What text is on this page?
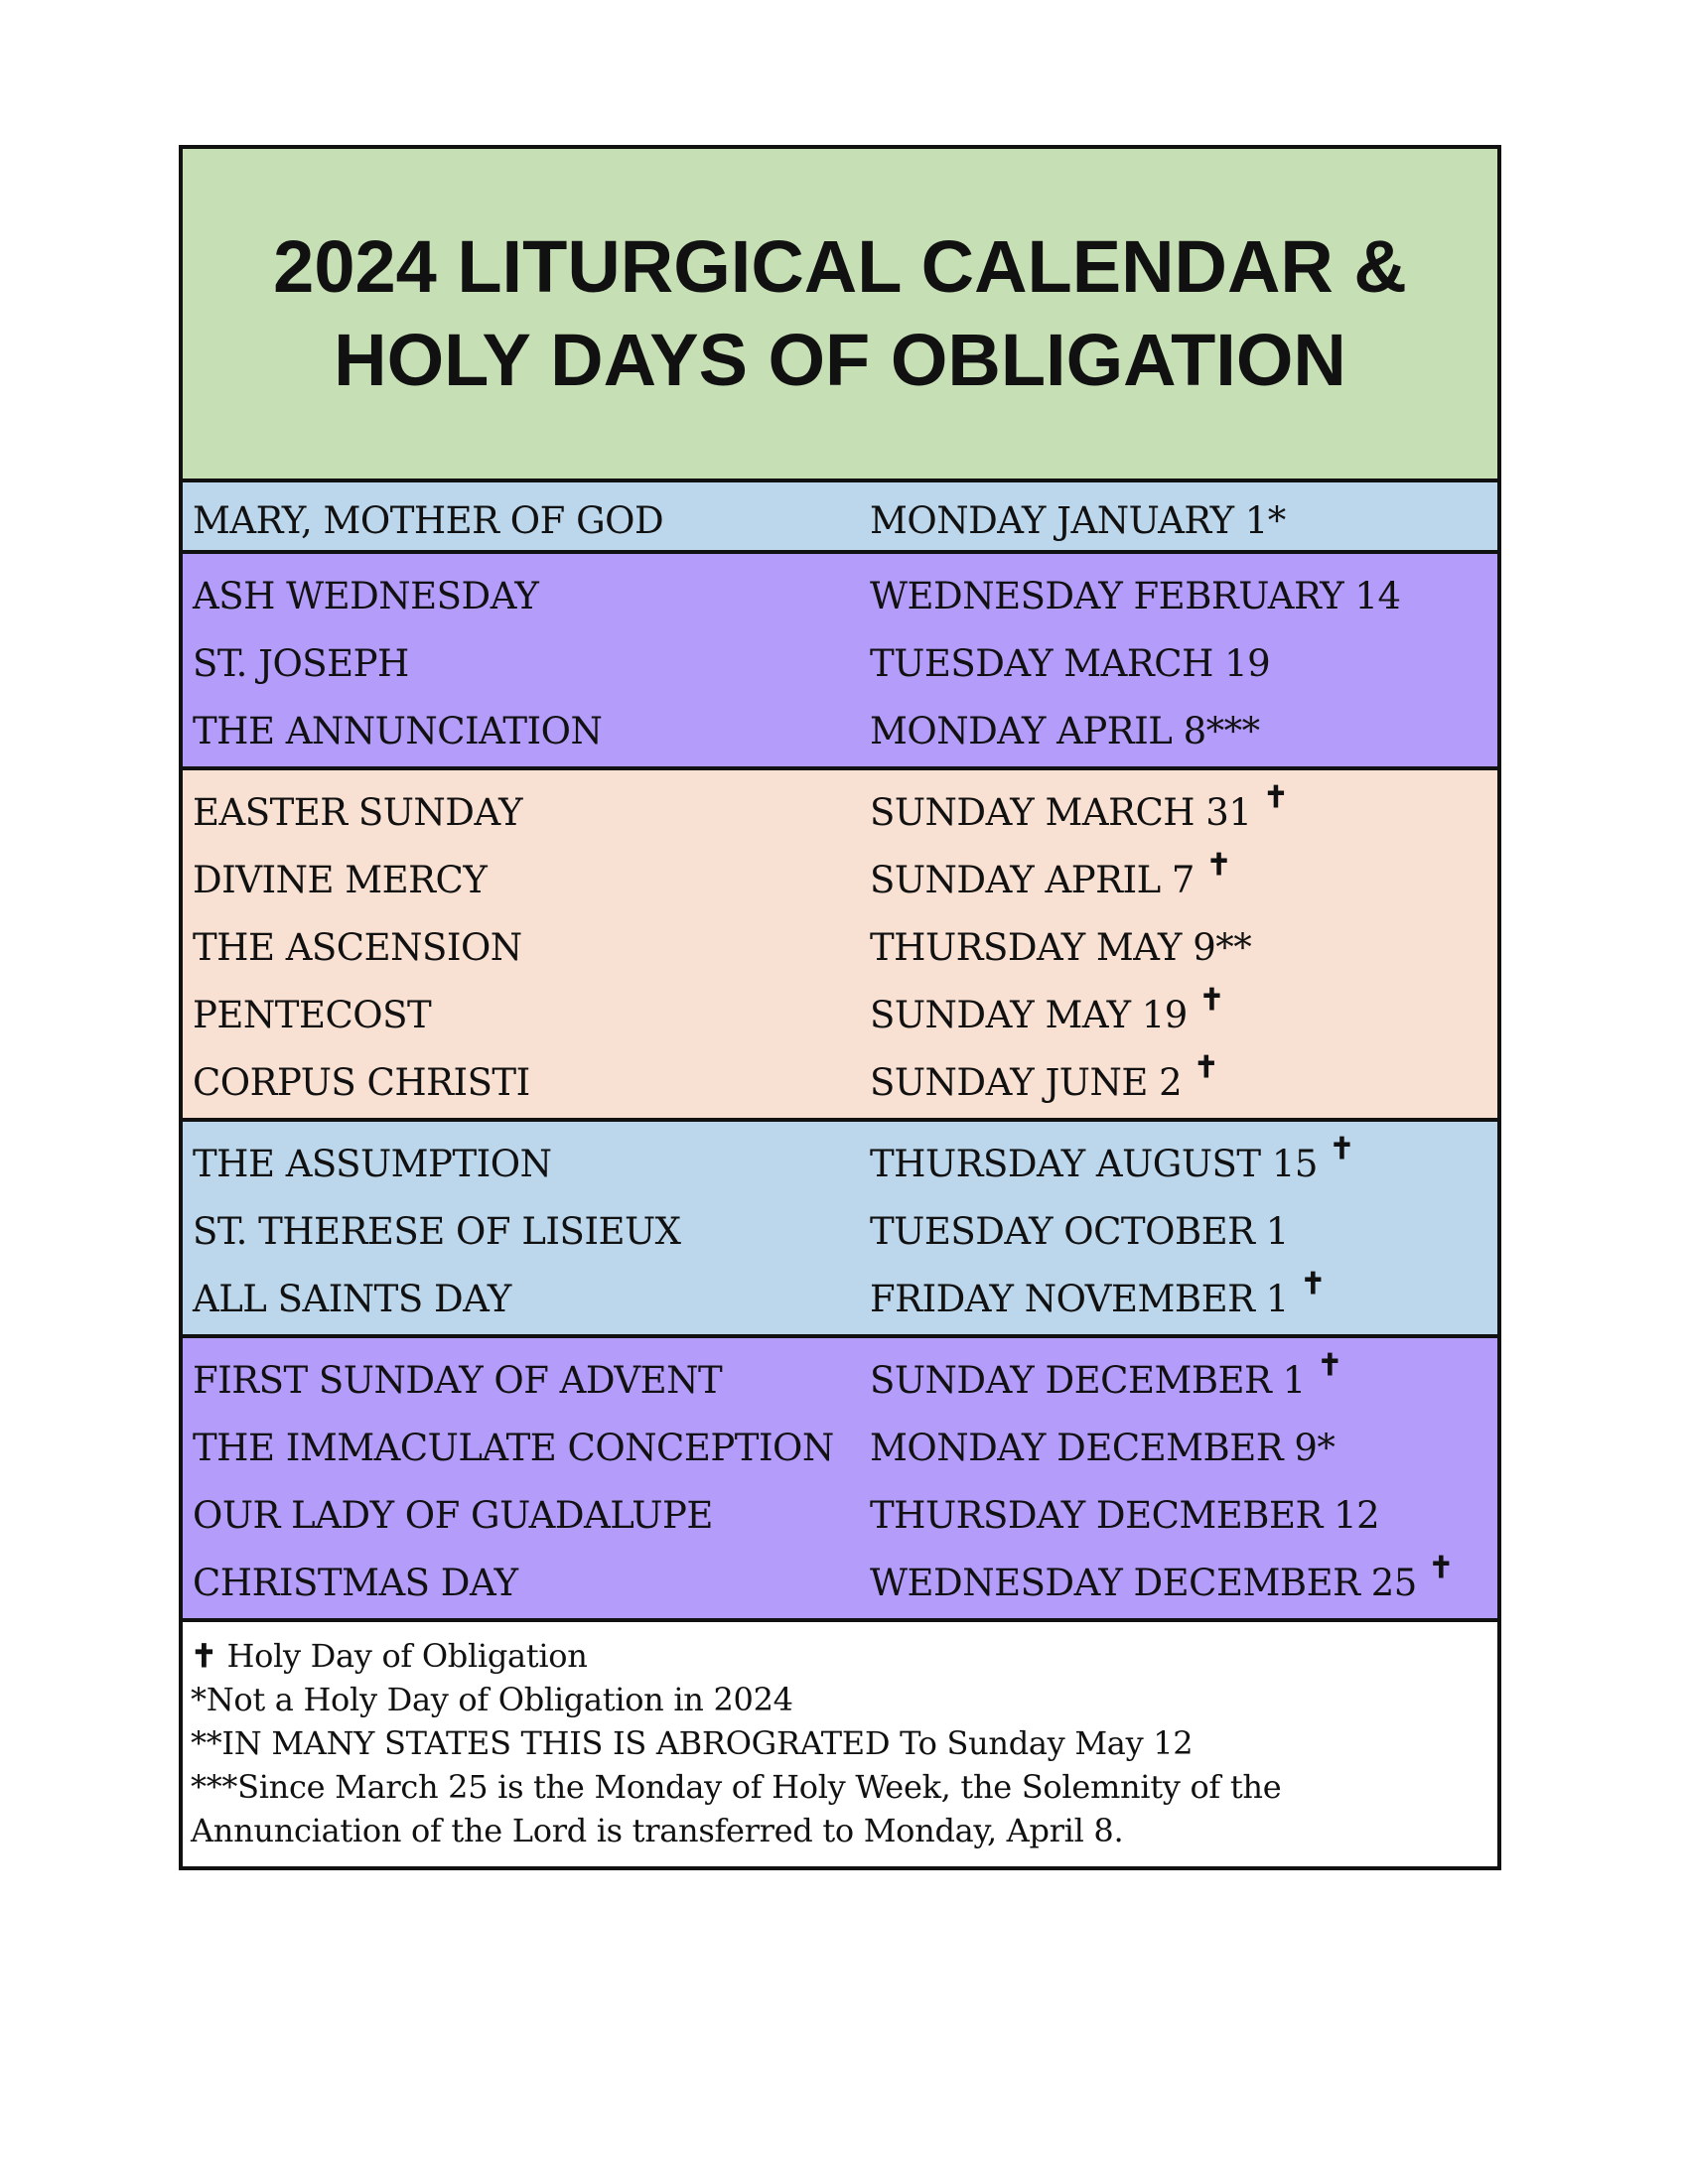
2024 LITURGICAL CALENDAR &
HOLY DAYS OF OBLIGATION
MARY, MOTHER OF GOD	MONDAY JANUARY 1*
ASH WEDNESDAY	WEDNESDAY FEBRUARY 14
ST. JOSEPH	TUESDAY MARCH 19
THE ANNUNCIATION	MONDAY APRIL 8***
EASTER SUNDAY	SUNDAY MARCH 31 ✝
DIVINE MERCY	SUNDAY APRIL 7 ✝
THE ASCENSION	THURSDAY MAY 9**
PENTECOST	SUNDAY MAY 19 ✝
CORPUS CHRISTI	SUNDAY JUNE 2 ✝
THE ASSUMPTION	THURSDAY AUGUST 15 ✝
ST. THERESE OF LISIEUX	TUESDAY OCTOBER 1
ALL SAINTS DAY	FRIDAY NOVEMBER 1 ✝
FIRST SUNDAY OF ADVENT	SUNDAY DECEMBER 1 ✝
THE IMMACULATE CONCEPTION MONDAY DECEMBER 9*
OUR LADY OF GUADALUPE	THURSDAY DECMEBER 12
CHRISTMAS DAY	WEDNESDAY DECEMBER 25 ✝
✝ Holy Day of Obligation
*Not a Holy Day of Obligation in 2024
**IN MANY STATES THIS IS ABROGRATED To Sunday May 12
***Since March 25 is the Monday of Holy Week, the Solemnity of the
Annunciation of the Lord is transferred to Monday, April 8.
